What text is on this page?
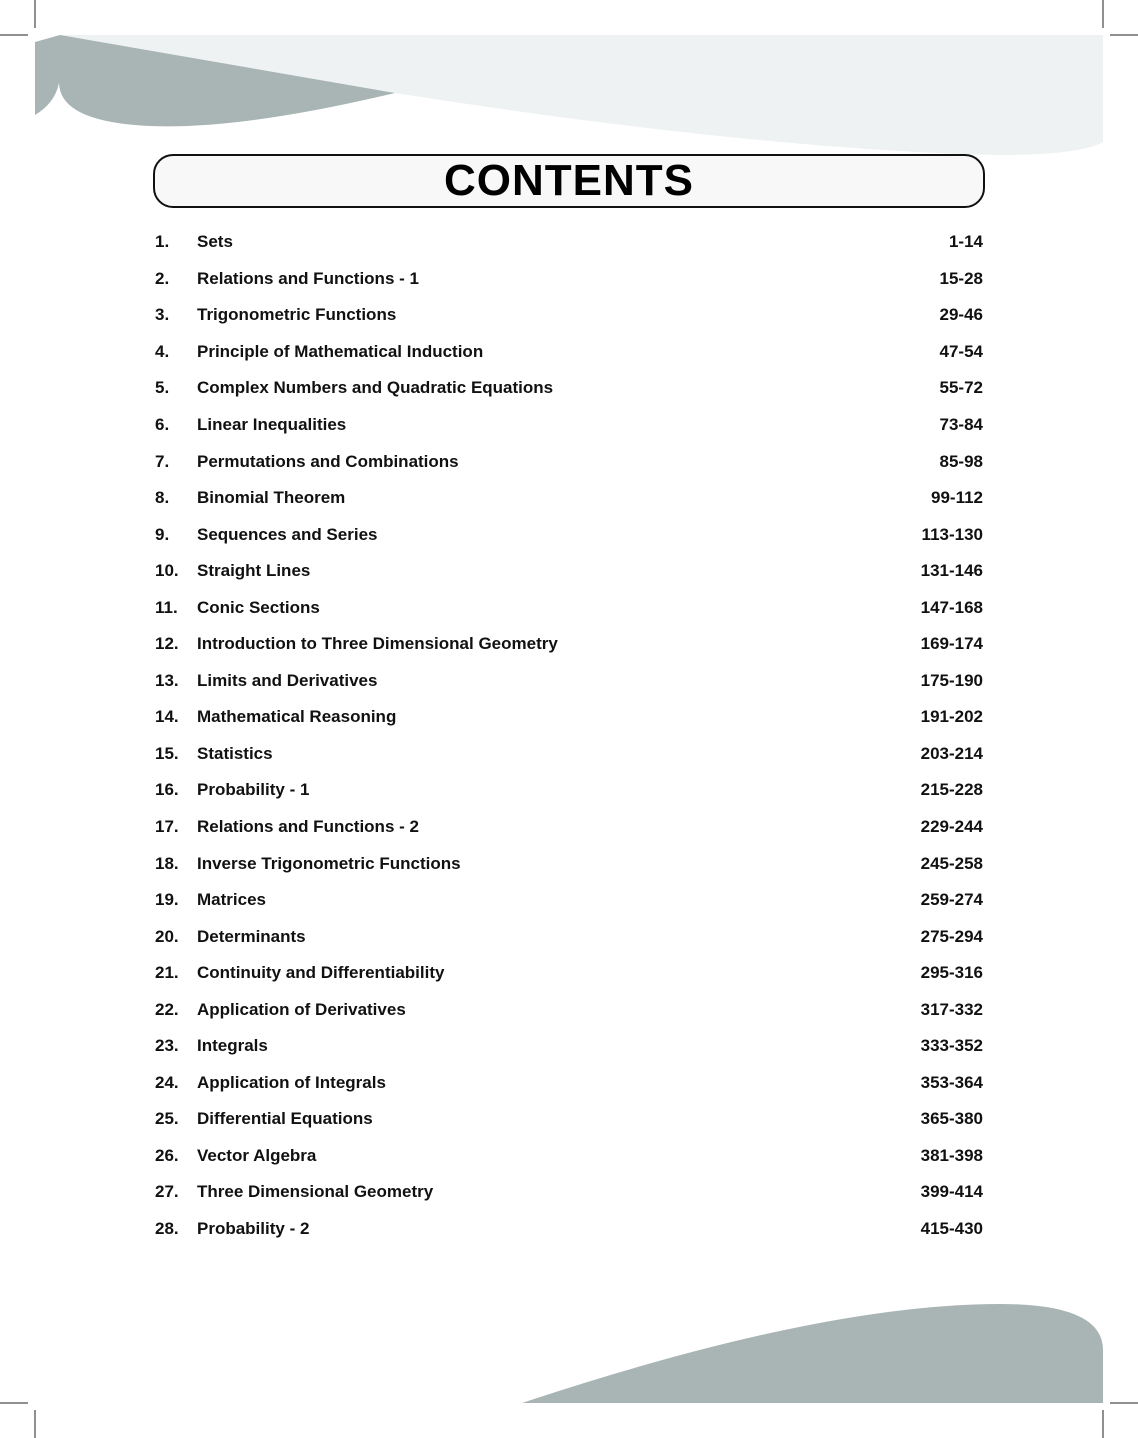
CONTENTS
1.	Sets	1-14
2.	Relations and Functions - 1	15-28
3.	Trigonometric Functions	29-46
4.	Principle of Mathematical Induction	47-54
5.	Complex Numbers and Quadratic Equations	55-72
6.	Linear Inequalities	73-84
7.	Permutations and Combinations	85-98
8.	Binomial Theorem	99-112
9.	Sequences and Series	113-130
10.	Straight Lines	131-146
11.	Conic Sections	147-168
12.	Introduction to Three Dimensional Geometry	169-174
13.	Limits and Derivatives	175-190
14.	Mathematical Reasoning	191-202
15.	Statistics	203-214
16.	Probability - 1	215-228
17.	Relations and Functions - 2	229-244
18.	Inverse Trigonometric Functions	245-258
19.	Matrices	259-274
20.	Determinants	275-294
21.	Continuity and Differentiability	295-316
22.	Application of Derivatives	317-332
23.	Integrals	333-352
24.	Application of Integrals	353-364
25.	Differential Equations	365-380
26.	Vector Algebra	381-398
27.	Three Dimensional Geometry	399-414
28.	Probability - 2	415-430
